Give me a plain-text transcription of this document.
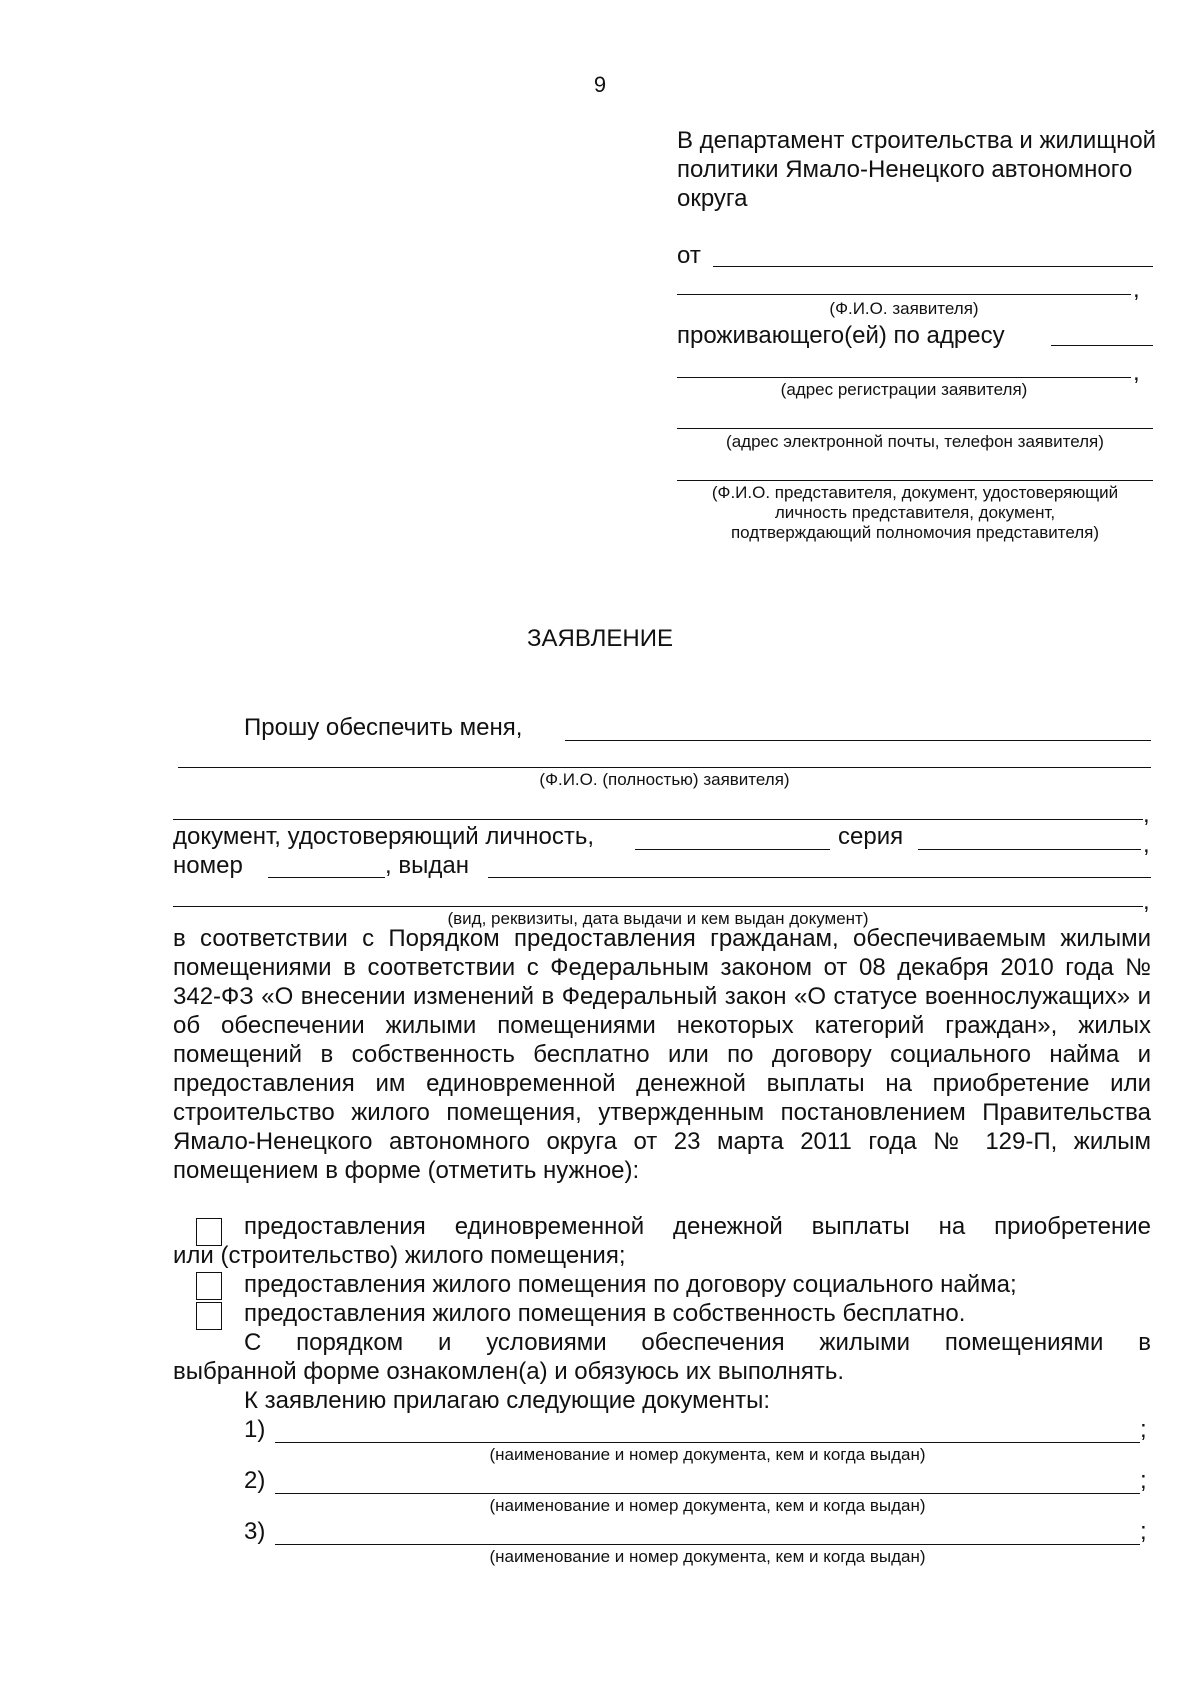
9
В департамент строительства и жилищной политики Ямало-Ненецкого автономного округа
от
,
(Ф.И.О. заявителя)
проживающего(ей) по адресу
,
(адрес регистрации заявителя)
(адрес электронной почты, телефон заявителя)
(Ф.И.О. представителя, документ, удостоверяющий личность представителя, документ, подтверждающий полномочия представителя)
ЗАЯВЛЕНИЕ
Прошу обеспечить меня,
(Ф.И.О. (полностью) заявителя)
,
документ, удостоверяющий личность,	серия	,
номер	, выдан
,
(вид, реквизиты, дата выдачи и кем выдан документ)

в соответствии с Порядком предоставления гражданам, обеспечиваемым жилыми помещениями в соответствии с Федеральным законом от 08 декабря 2010 года № 342-ФЗ «О внесении изменений в Федеральный закон «О статусе военнослужащих» и об обеспечении жилыми помещениями некоторых категорий граждан», жилых помещений в собственность бесплатно или по договору социального найма и предоставления им единовременной денежной выплаты на приобретение или строительство жилого помещения, утвержденным постановлением Правительства Ямало-Ненецкого автономного округа от 23 марта 2011 года № 129-П, жилым помещением в форме (отметить нужное):

предоставления единовременной денежной выплаты на приобретение
или (строительство) жилого помещения;
предоставления жилого помещения по договору социального найма;
предоставления жилого помещения в собственность бесплатно.
С порядком и условиями обеспечения жилыми помещениями в
выбранной форме ознакомлен(а) и обязуюсь их выполнять.
К заявлению прилагаю следующие документы:
1)	;
(наименование и номер документа, кем и когда выдан)
2)	;
(наименование и номер документа, кем и когда выдан)
3)	;
(наименование и номер документа, кем и когда выдан)
